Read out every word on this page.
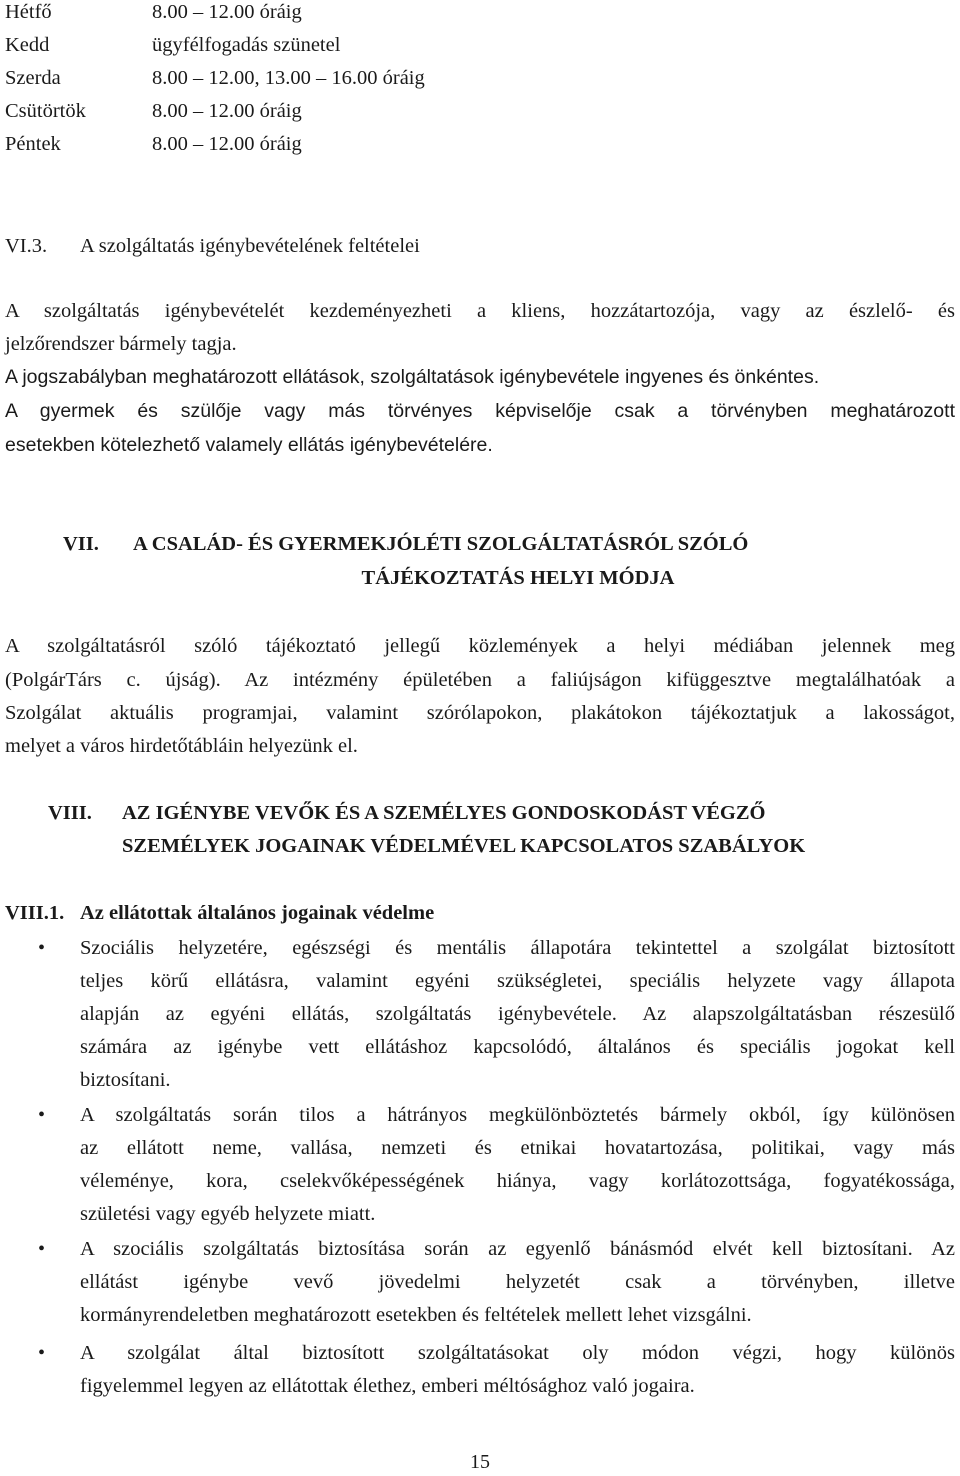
Hétfő	8.00 – 12.00 óráig

Kedd	ügyfélfogadás szünetel

Szerda	8.00 – 12.00, 13.00 – 16.00 óráig

Csütörtök	8.00 – 12.00 óráig

Péntek	8.00 – 12.00 óráig

VI.3. A szolgáltatás igénybevételének feltételei

A szolgáltatás igénybevételét kezdeményezheti a kliens, hozzátartozója, vagy az észlelő- és

jelzőrendszer bármely tagja.

A jogszabályban meghatározott ellátások, szolgáltatások igénybevétele ingyenes és önkéntes.

A gyermek és szülője vagy más törvényes képviselője csak a törvényben meghatározott

esetekben kötelezhető valamely ellátás igénybevételére.

VII. A CSALÁD- ÉS GYERMEKJÓLÉTI SZOLGÁLTATÁSRÓL SZÓLÓ

TÁJÉKOZTATÁS HELYI MÓDJA

A szolgáltatásról szóló tájékoztató jellegű közlemények a helyi médiában jelennek meg

(PolgárTárs c. újság). Az intézmény épületében a faliújságon kifüggesztve megtalálhatóak a

Szolgálat aktuális programjai, valamint szórólapokon, plakátokon tájékoztatjuk a lakosságot,

melyet a város hirdetőtábláin helyezünk el.

VIII. AZ IGÉNYBE VEVŐK ÉS A SZEMÉLYES GONDOSKODÁST VÉGZŐ

SZEMÉLYEK JOGAINAK VÉDELMÉVEL KAPCSOLATOS SZABÁLYOK

VIII.1. Az ellátottak általános jogainak védelme

• Szociális helyzetére, egészségi és mentális állapotára tekintettel a szolgálat biztosított

teljes körű ellátásra, valamint egyéni szükségletei, speciális helyzete vagy állapota

alapján az egyéni ellátás, szolgáltatás igénybevétele. Az alapszolgáltatásban részesülő

számára az igénybe vett ellátáshoz kapcsolódó, általános és speciális jogokat kell

biztosítani.

• A szolgáltatás során tilos a hátrányos megkülönböztetés bármely okból, így különösen

az ellátott neme, vallása, nemzeti és etnikai hovatartozása, politikai, vagy más

véleménye, kora, cselekvőképességének hiánya, vagy korlátozottsága, fogyatékossága,

születési vagy egyéb helyzete miatt.

• A szociális szolgáltatás biztosítása során az egyenlő bánásmód elvét kell biztosítani. Az

ellátást igénybe vevő jövedelmi helyzetét csak a törvényben, illetve

kormányrendeletben meghatározott esetekben és feltételek mellett lehet vizsgálni.

• A szolgálat által biztosított szolgáltatásokat oly módon végzi, hogy különös

figyelemmel legyen az ellátottak élethez, emberi méltósághoz való jogaira.

15
